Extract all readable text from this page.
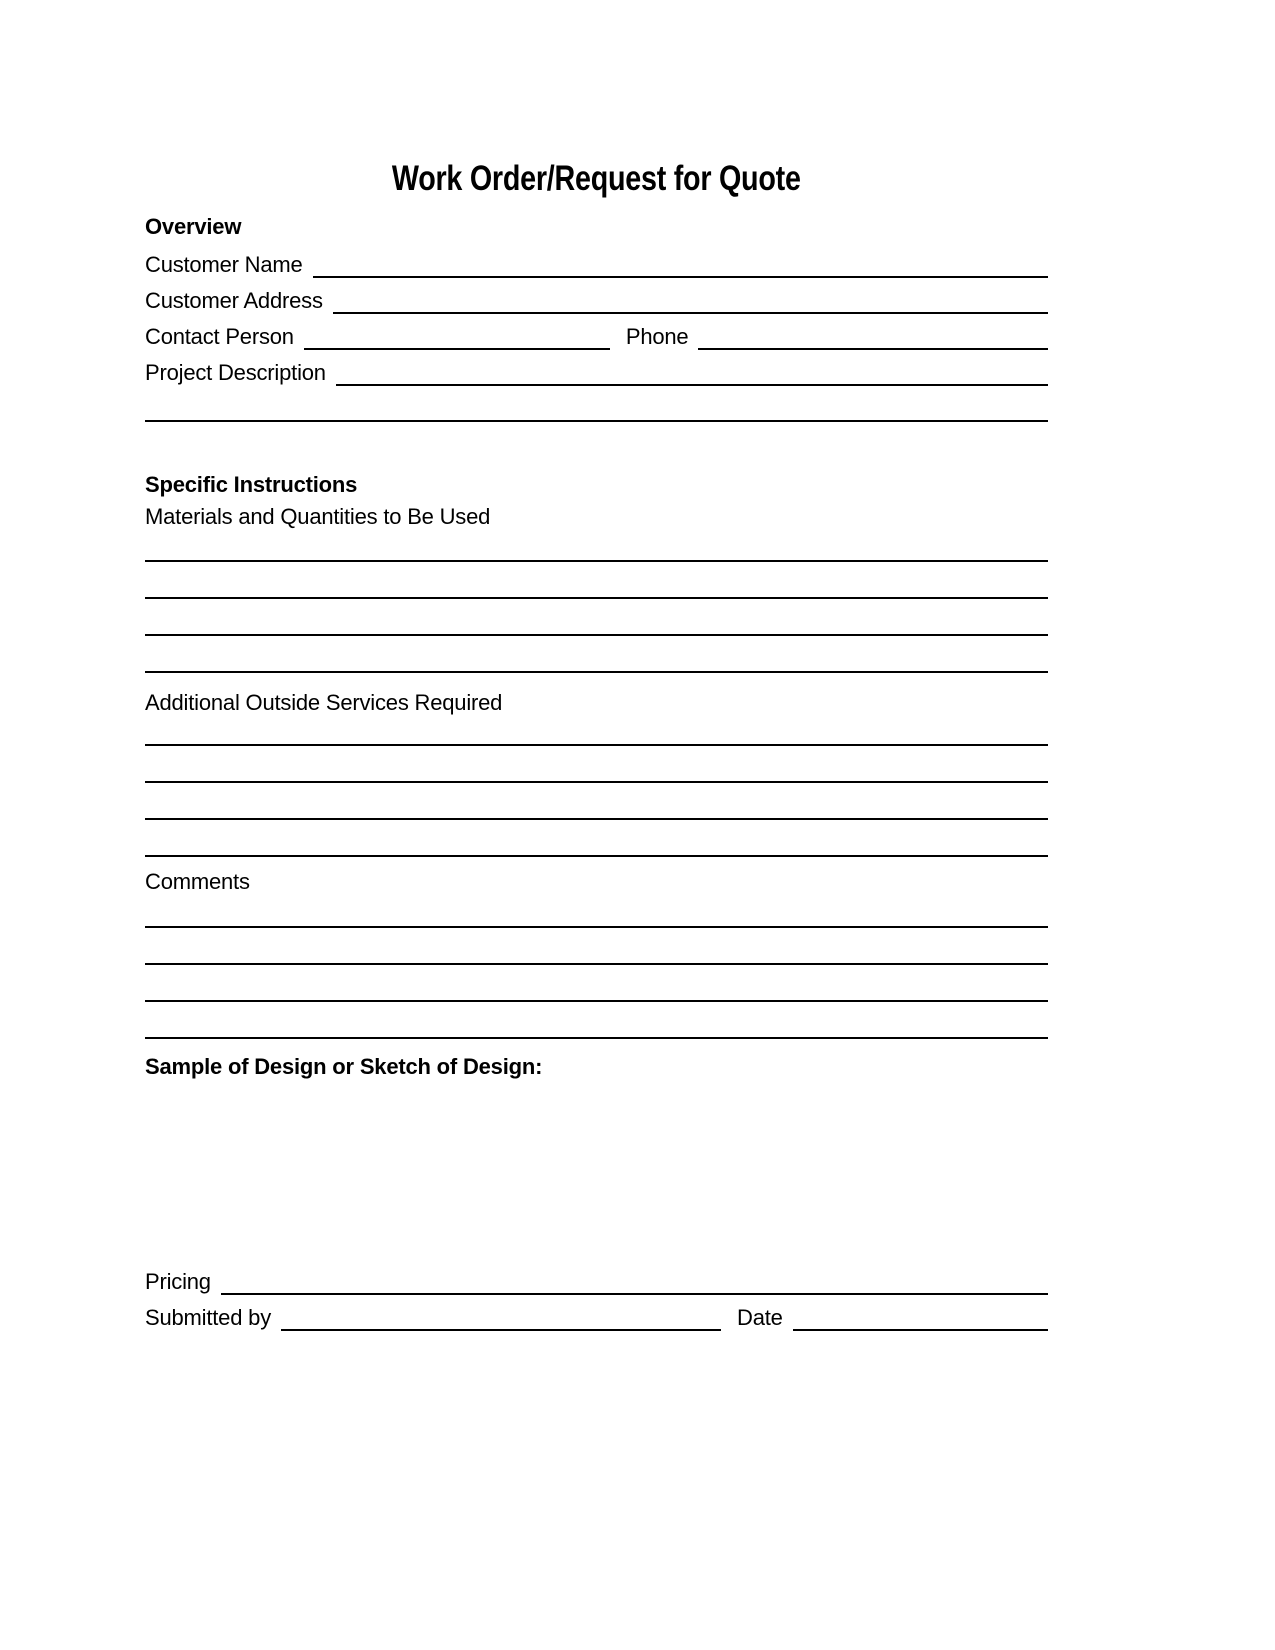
Work Order/Request for Quote
Overview
Customer Name
Customer Address
Contact Person	Phone
Project Description
Specific Instructions
Materials and Quantities to Be Used
Additional Outside Services Required
Comments
Sample of Design or Sketch of Design:
Pricing
Submitted by	Date
